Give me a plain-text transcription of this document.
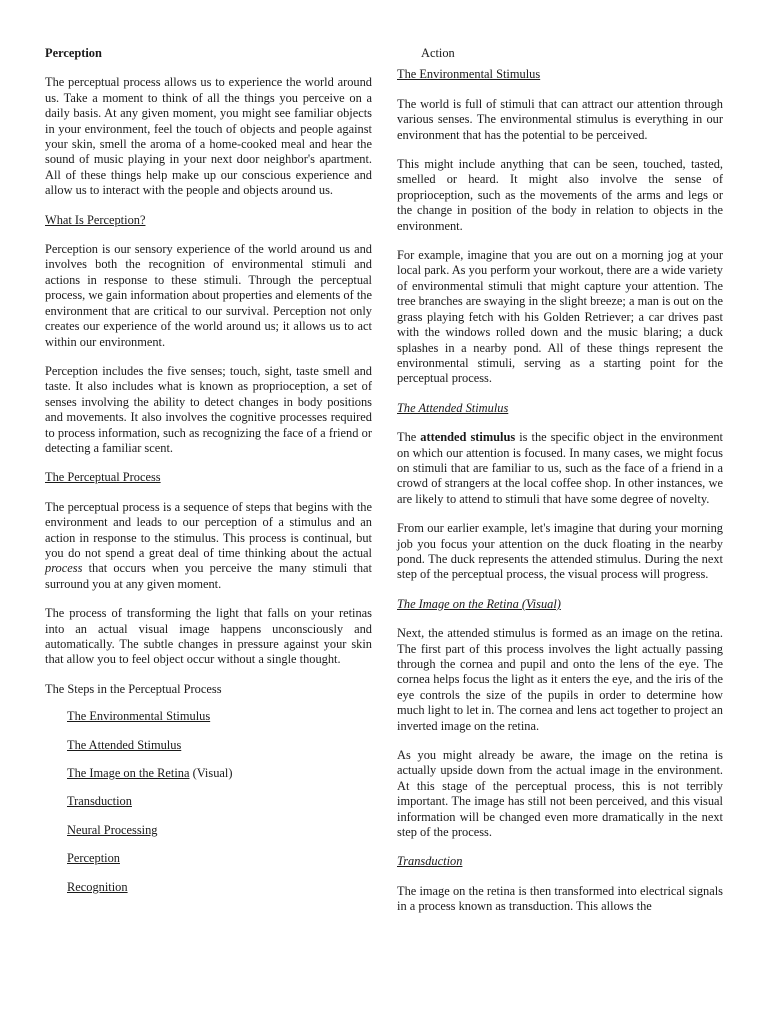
Perception

The perceptual process allows us to experience the world around us. Take a moment to think of all the things you perceive on a daily basis. At any given moment, you might see familiar objects in your environment, feel the touch of objects and people against your skin, smell the aroma of a home-cooked meal and hear the sound of music playing in your next door neighbor's apartment. All of these things help make up our conscious experience and allow us to interact with the people and objects around us.

What Is Perception?

Perception is our sensory experience of the world around us and involves both the recognition of environmental stimuli and actions in response to these stimuli. Through the perceptual process, we gain information about properties and elements of the environment that are critical to our survival. Perception not only creates our experience of the world around us; it allows us to act within our environment.

Perception includes the five senses; touch, sight, taste smell and taste. It also includes what is known as proprioception, a set of senses involving the ability to detect changes in body positions and movements. It also involves the cognitive processes required to process information, such as recognizing the face of a friend or detecting a familiar scent.

The Perceptual Process

The perceptual process is a sequence of steps that begins with the environment and leads to our perception of a stimulus and an action in response to the stimulus. This process is continual, but you do not spend a great deal of time thinking about the actual process that occurs when you perceive the many stimuli that surround you at any given moment.

The process of transforming the light that falls on your retinas into an actual visual image happens unconsciously and automatically. The subtle changes in pressure against your skin that allow you to feel object occur without a single thought.

The Steps in the Perceptual Process
The Environmental Stimulus
The Attended Stimulus
The Image on the Retina (Visual)
Transduction
Neural Processing
Perception
Recognition
Action
The Environmental Stimulus

The world is full of stimuli that can attract our attention through various senses. The environmental stimulus is everything in our environment that has the potential to be perceived.

This might include anything that can be seen, touched, tasted, smelled or heard. It might also involve the sense of proprioception, such as the movements of the arms and legs or the change in position of the body in relation to objects in the environment.

For example, imagine that you are out on a morning jog at your local park. As you perform your workout, there are a wide variety of environmental stimuli that might capture your attention. The tree branches are swaying in the slight breeze; a man is out on the grass playing fetch with his Golden Retriever; a car drives past with the windows rolled down and the music blaring; a duck splashes in a nearby pond. All of these things represent the environmental stimuli, serving as a starting point for the perceptual process.

The Attended Stimulus

The attended stimulus is the specific object in the environment on which our attention is focused. In many cases, we might focus on stimuli that are familiar to us, such as the face of a friend in a crowd of strangers at the local coffee shop. In other instances, we are likely to attend to stimuli that have some degree of novelty.

From our earlier example, let's imagine that during your morning job you focus your attention on the duck floating in the nearby pond. The duck represents the attended stimulus. During the next step of the perceptual process, the visual process will progress.

The Image on the Retina (Visual)

Next, the attended stimulus is formed as an image on the retina. The first part of this process involves the light actually passing through the cornea and pupil and onto the lens of the eye. The cornea helps focus the light as it enters the eye, and the iris of the eye controls the size of the pupils in order to determine how much light to let in. The cornea and lens act together to project an inverted image on the retina.

As you might already be aware, the image on the retina is actually upside down from the actual image in the environment. At this stage of the perceptual process, this is not terribly important. The image has still not been perceived, and this visual information will be changed even more dramatically in the next step of the process.

Transduction

The image on the retina is then transformed into electrical signals in a process known as transduction. This allows the
